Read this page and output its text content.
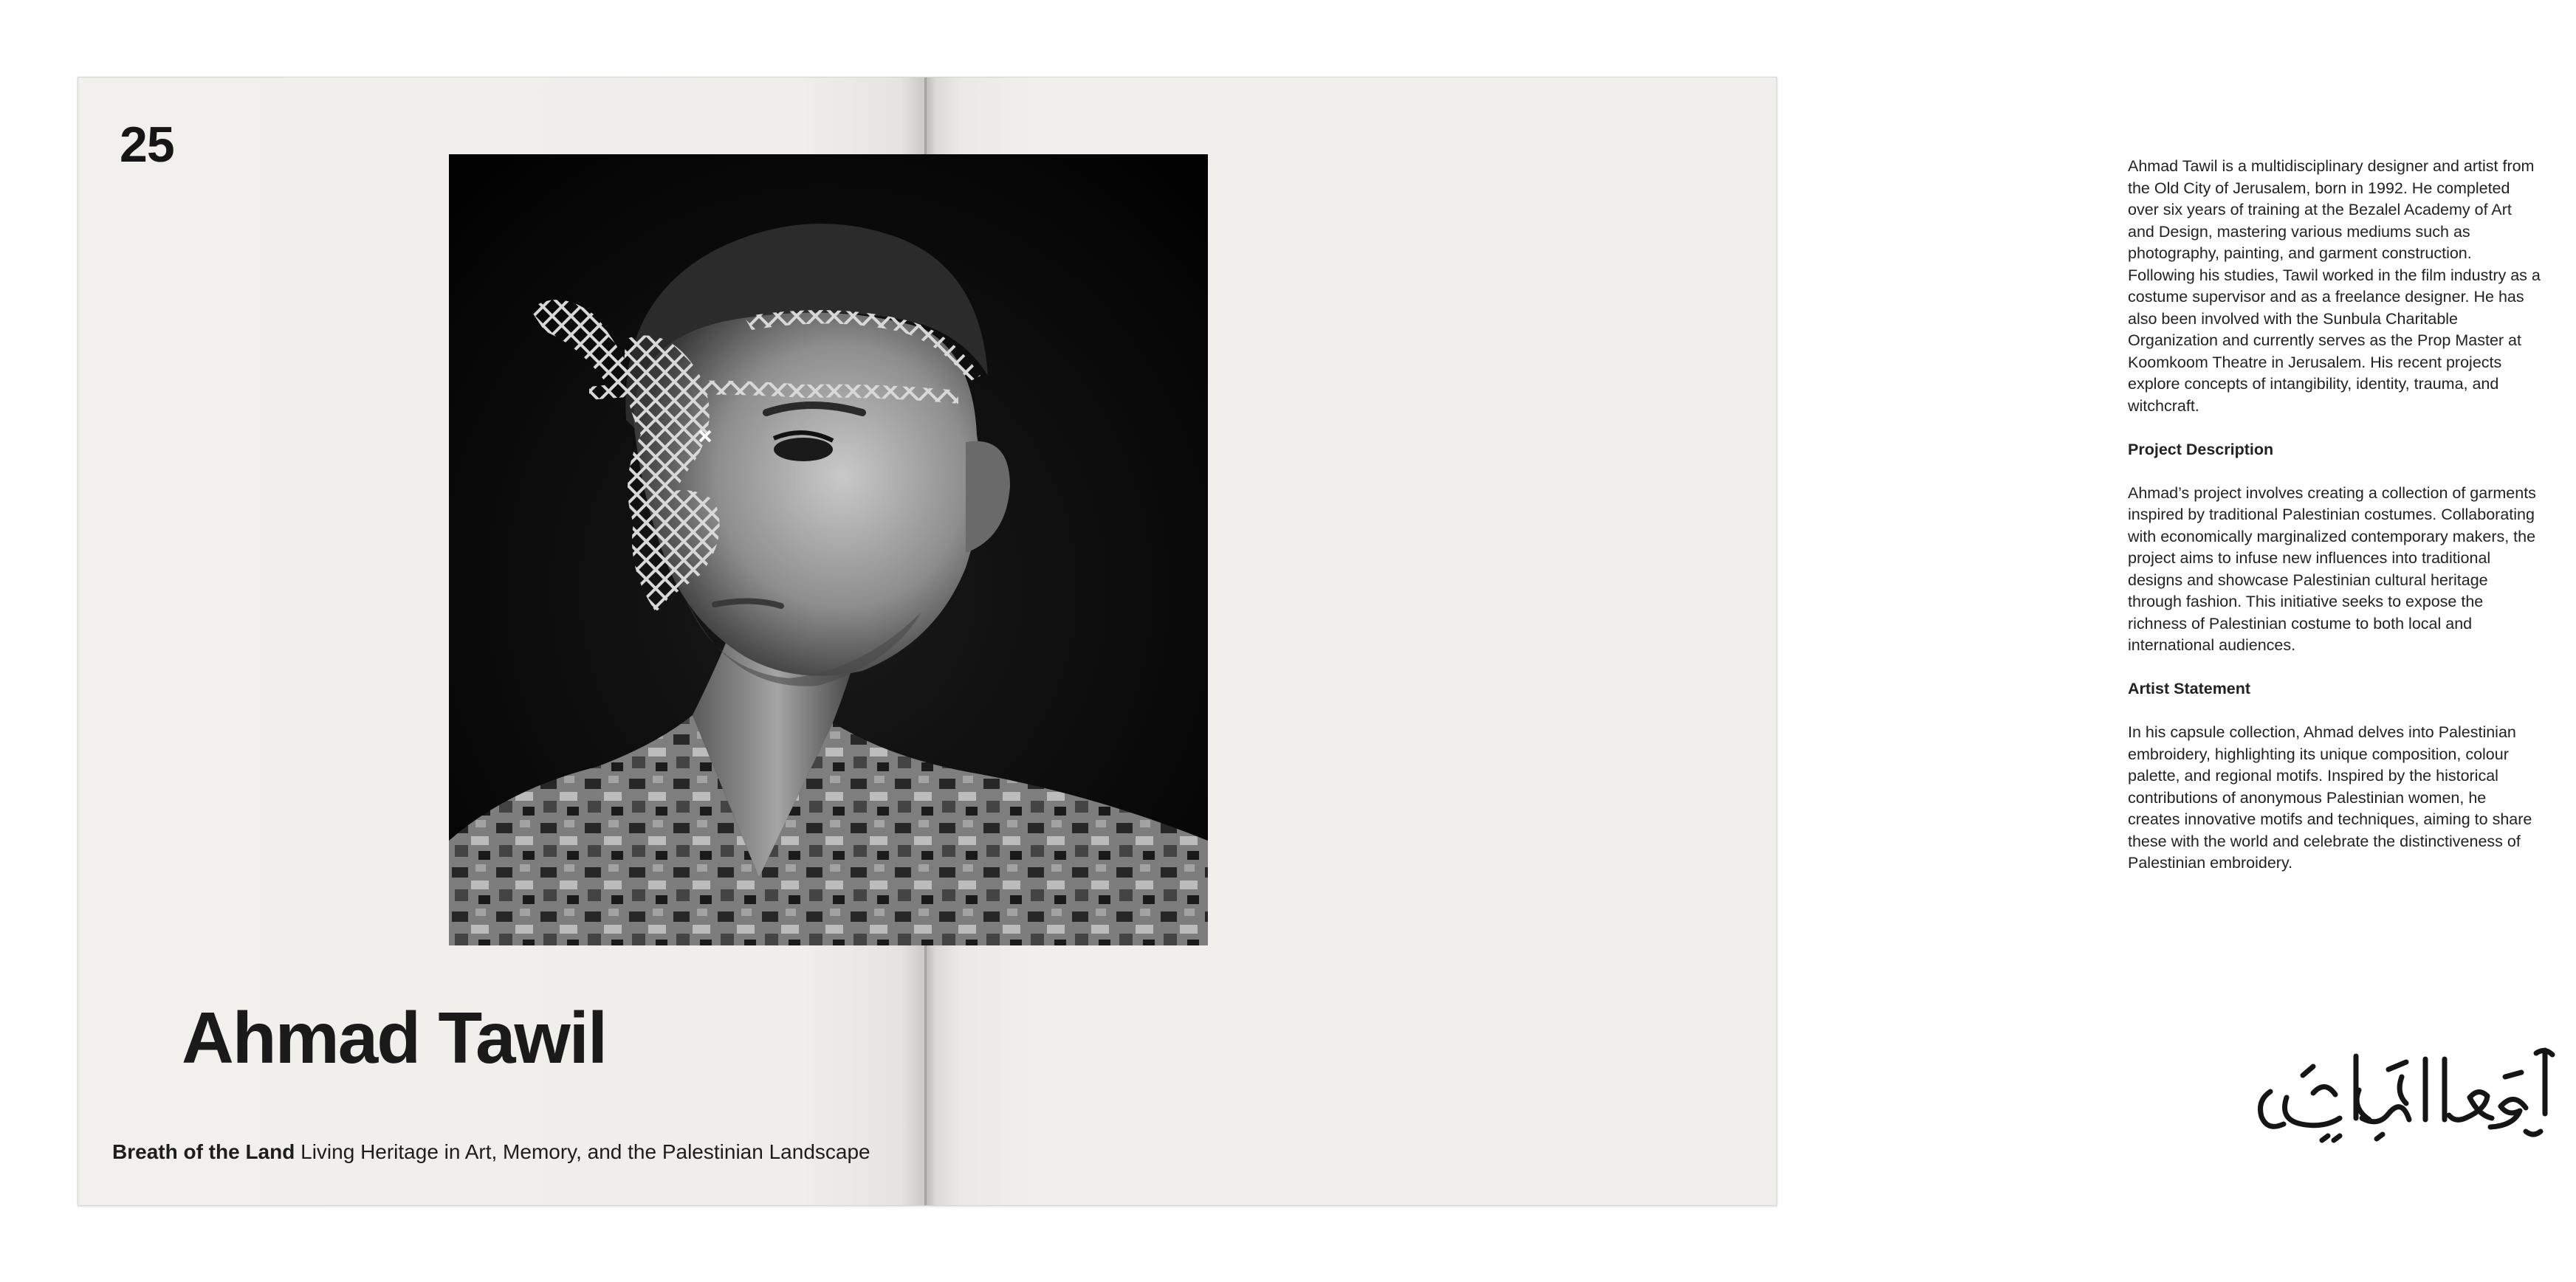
25
Ahmad Tawil
Breath of the Land Living Heritage in Art, Memory, and the Palestinian Landscape

Ahmad Tawil is a multidisciplinary designer and artist from the Old City of Jerusalem, born in 1992. He completed over six years of training at the Bezalel Academy of Art and Design, mastering various mediums such as photography, painting, and garment construction. Following his studies, Tawil worked in the film industry as a costume supervisor and as a freelance designer. He has also been involved with the Sunbula Charitable Organization and currently serves as the Prop Master at Koomkoom Theatre in Jerusalem. His recent projects explore concepts of intangibility, identity, trauma, and witchcraft.

Project Description

Ahmad’s project involves creating a collection of garments inspired by traditional Palestinian costumes. Collaborating with economically marginalized contemporary makers, the project aims to infuse new influences into traditional designs and showcase Palestinian cultural heritage through fashion. This initiative seeks to expose the richness of Palestinian costume to both local and international audiences.

Artist Statement

In his capsule collection, Ahmad delves into Palestinian embroidery, highlighting its unique composition, colour palette, and regional motifs. Inspired by the historical contributions of anonymous Palestinian women, he creates innovative motifs and techniques, aiming to share these with the world and celebrate the distinctiveness of Palestinian embroidery.
